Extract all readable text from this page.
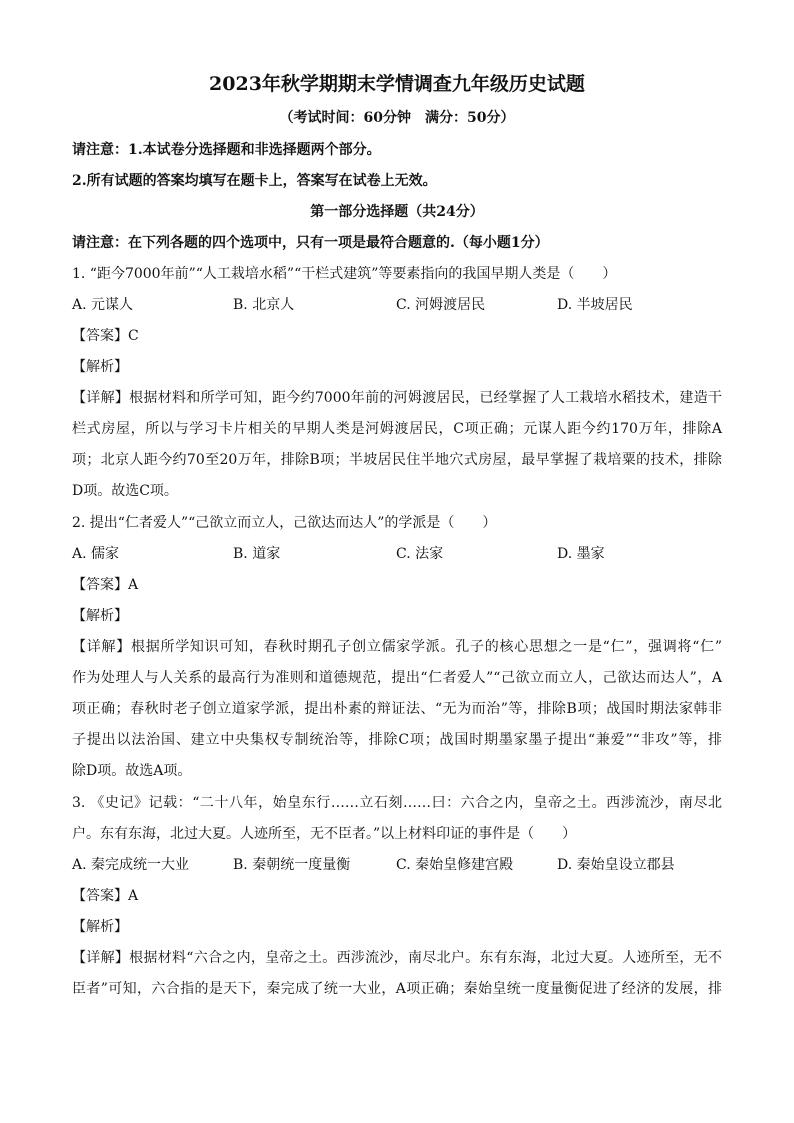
2023年秋学期期末学情调查九年级历史试题
（考试时间：60分钟　满分：50分）
请注意：1.本试卷分选择题和非选择题两个部分。
2.所有试题的答案均填写在题卡上，答案写在试卷上无效。
第一部分选择题（共24分）
请注意：在下列各题的四个选项中，只有一项是最符合题意的.（每小题1分）
1. “距今7000年前”“人工栽培水稻”“干栏式建筑”等要素指向的我国早期人类是（　　）
A. 元谋人	B. 北京人	C. 河姆渡居民	D. 半坡居民
【答案】C
【解析】
【详解】根据材料和所学可知，距今约7000年前的河姆渡居民，已经掌握了人工栽培水稻技术，建造干
栏式房屋，所以与学习卡片相关的早期人类是河姆渡居民，C项正确；元谋人距今约170万年，排除A
项；北京人距今约70至20万年，排除B项；半坡居民住半地穴式房屋，最早掌握了栽培粟的技术，排除
D项。故选C项。
2. 提出“仁者爱人”“己欲立而立人，己欲达而达人”的学派是（　　）
A. 儒家	B. 道家	C. 法家	D. 墨家
【答案】A
【解析】
【详解】根据所学知识可知，春秋时期孔子创立儒家学派。孔子的核心思想之一是“仁”，强调将“仁”
作为处理人与人关系的最高行为准则和道德规范，提出“仁者爱人”“己欲立而立人，己欲达而达人”，A
项正确；春秋时老子创立道家学派，提出朴素的辩证法、“无为而治”等，排除B项；战国时期法家韩非
子提出以法治国、建立中央集权专制统治等，排除C项；战国时期墨家墨子提出“兼爱”“非攻”等，排
除D项。故选A项。
3. 《史记》记载：“二十八年，始皇东行……立石刻……曰：六合之内，皇帝之土。西涉流沙，南尽北
户。东有东海，北过大夏。人迹所至，无不臣者。”以上材料印证的事件是（　　）
A. 秦完成统一大业	B. 秦朝统一度量衡	C. 秦始皇修建宫殿	D. 秦始皇设立郡县
【答案】A
【解析】
【详解】根据材料“六合之内，皇帝之土。西涉流沙，南尽北户。东有东海，北过大夏。人迹所至，无不
臣者”可知，六合指的是天下，秦完成了统一大业，A项正确；秦始皇统一度量衡促进了经济的发展，排
